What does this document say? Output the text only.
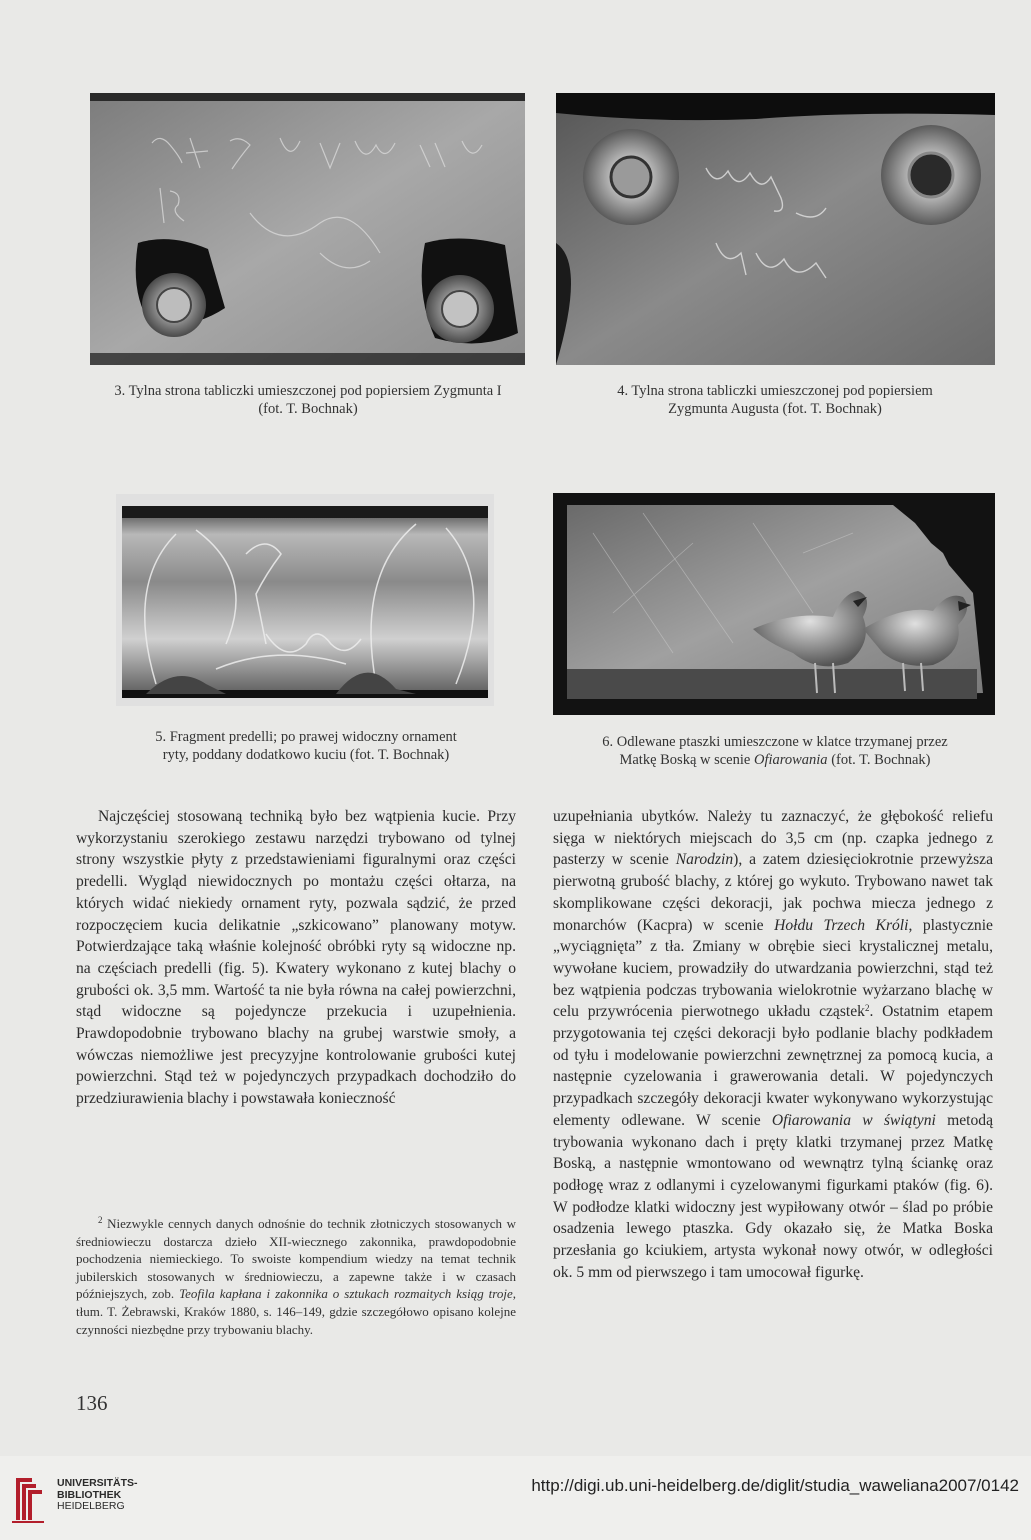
3. Tylna strona tabliczki umieszczonej pod popiersiem Zygmunta I
(fot. T. Bochnak)
4. Tylna strona tabliczki umieszczonej pod popiersiem
Zygmunta Augusta (fot. T. Bochnak)
5. Fragment predelli; po prawej widoczny ornament
ryty, poddany dodatkowo kuciu (fot. T. Bochnak)
6. Odlewane ptaszki umieszczone w klatce trzymanej przez
Matkę Boską w scenie Ofiarowania (fot. T. Bochnak)

Najczęściej stosowaną techniką było bez wątpienia kucie. Przy wykorzystaniu szerokiego zestawu narzędzi trybowano od tylnej strony wszystkie płyty z przedstawieniami figuralnymi oraz części predelli. Wygląd niewidocznych po montażu części ołtarza, na których widać niekiedy ornament ryty, pozwala sądzić, że przed rozpoczęciem kucia delikatnie „szkicowano” planowany motyw. Potwierdzające taką właśnie kolejność obróbki ryty są widoczne np. na częściach predelli (fig. 5). Kwatery wykonano z kutej blachy o grubości ok. 3,5 mm. Wartość ta nie była równa na całej powierzchni, stąd widoczne są pojedyncze przekucia i uzupełnienia. Prawdopodobnie trybowano blachy na grubej warstwie smoły, a wówczas niemożliwe jest precyzyjne kontrolowanie grubości kutej powierzchni. Stąd też w pojedynczych przypadkach dochodziło do przedziurawienia blachy i powstawała konieczność

uzupełniania ubytków. Należy tu zaznaczyć, że głębokość reliefu sięga w niektórych miejscach do 3,5 cm (np. czapka jednego z pasterzy w scenie Narodzin), a zatem dziesięciokrotnie przewyższa pierwotną grubość blachy, z której go wykuto. Trybowano nawet tak skomplikowane części dekoracji, jak pochwa miecza jednego z monarchów (Kacpra) w scenie Hołdu Trzech Króli, plastycznie „wyciągnięta” z tła. Zmiany w obrębie sieci krystalicznej metalu, wywołane kuciem, prowadziły do utwardzania powierzchni, stąd też bez wątpienia podczas trybowania wielokrotnie wyżarzano blachę w celu przywrócenia pierwotnego układu cząstek$^2$. Ostatnim etapem przygotowania tej części dekoracji było podlanie blachy podkładem od tyłu i modelowanie powierzchni zewnętrznej za pomocą kucia, a następnie cyzelowania i grawerowania detali. W pojedynczych przypadkach szczegóły dekoracji kwater wykonywano wykorzystując elementy odlewane. W scenie Ofiarowania w świątyni metodą trybowania wykonano dach i pręty klatki trzymanej przez Matkę Boską, a następnie wmontowano od wewnątrz tylną ściankę oraz podłogę wraz z odlanymi i cyzelowanymi figurkami ptaków (fig. 6). W podłodze klatki widoczny jest wypiłowany otwór – ślad po próbie osadzenia lewego ptaszka. Gdy okazało się, że Matka Boska przesłania go kciukiem, artysta wykonał nowy otwór, w odległości ok. 5 mm od pierwszego i tam umocował figurkę.

$^2$ Niezwykle cennych danych odnośnie do technik złotniczych stosowanych w średniowieczu dostarcza dzieło XII-wiecznego zakonnika, prawdopodobnie pochodzenia niemieckiego. To swoiste kompendium wiedzy na temat technik jubilerskich stosowanych w średniowieczu, a zapewne także i w czasach późniejszych, zob. Teofila kapłana i zakonnika o sztukach rozmaitych ksiąg troje, tłum. T. Żebrawski, Kraków 1880, s. 146–149, gdzie szczegółowo opisano kolejne czynności niezbędne przy trybowaniu blachy.

136
UNIVERSITÄTS-
BIBLIOTHEK
HEIDELBERG
http://digi.ub.uni-heidelberg.de/diglit/studia_waweliana2007/0142
